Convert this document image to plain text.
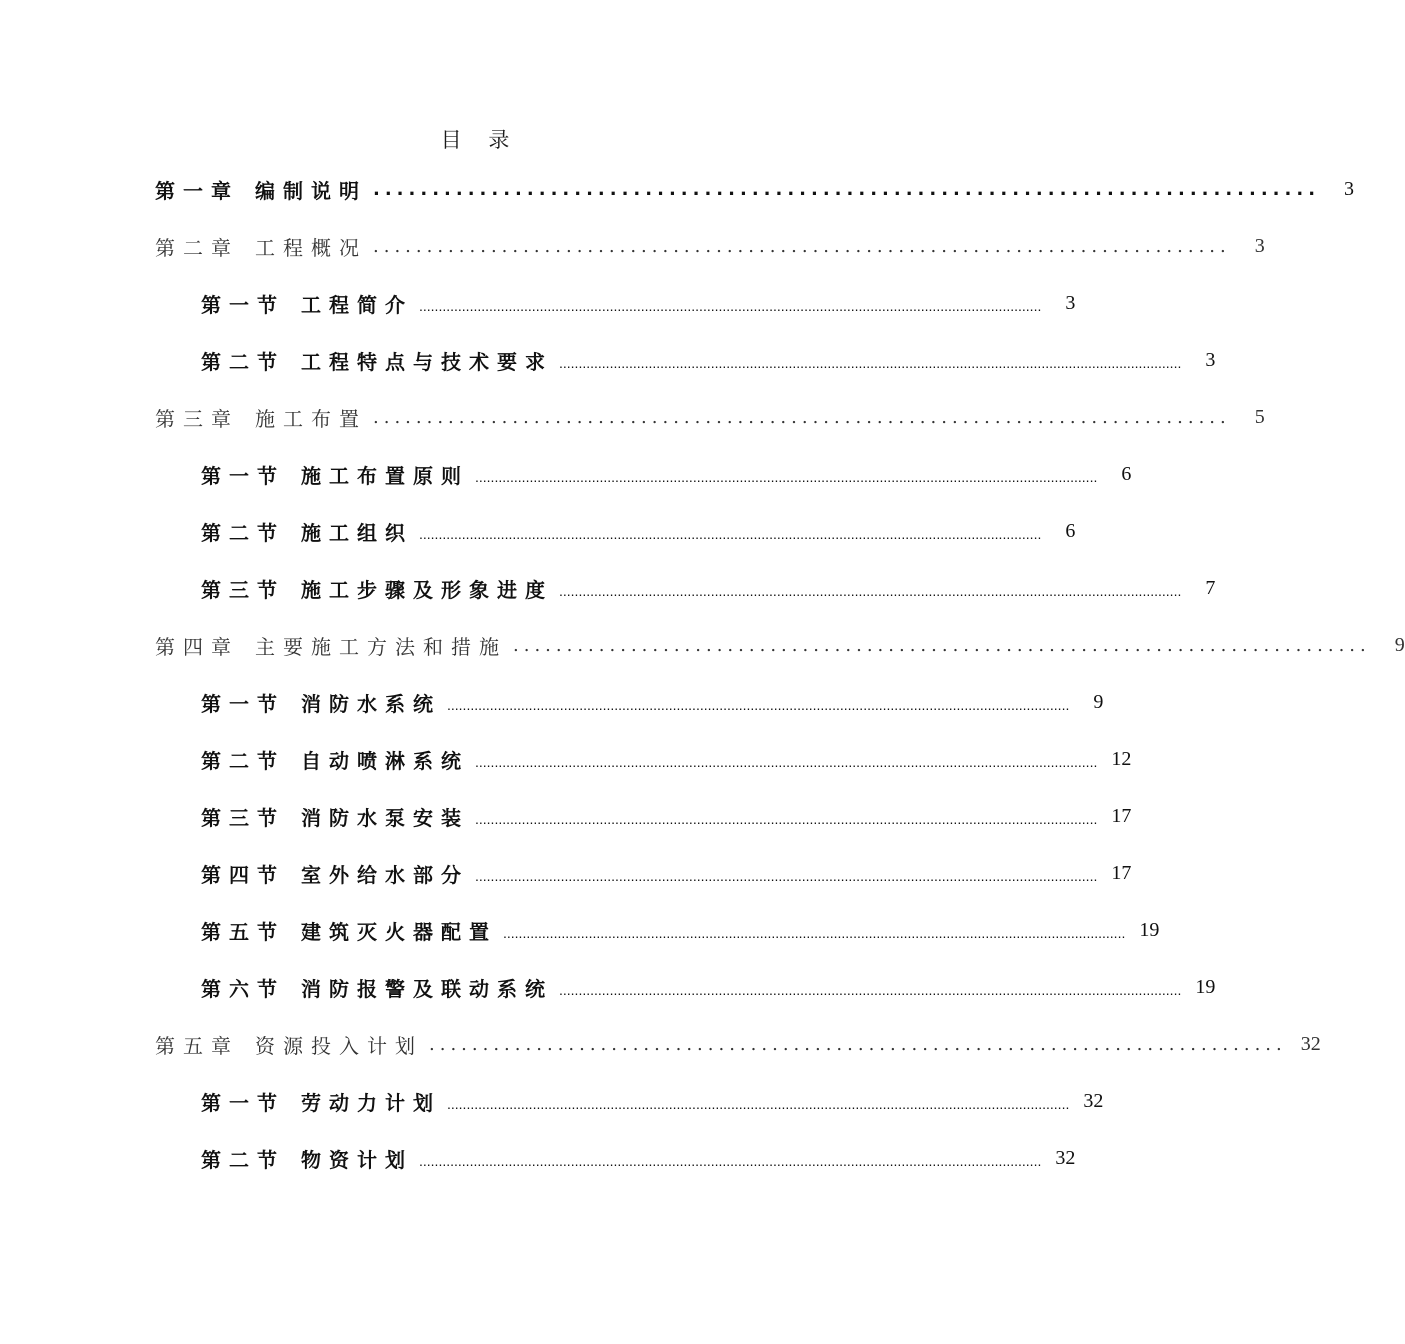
目 录
第一章 编制说明 ................................................................................	3
第二章 工程概况 ................................................................................	3
第一节 工程简介 ................................................................................................................................................................	3
第二节 工程特点与技术要求 ................................................................................................................................................................	3
第三章 施工布置 ................................................................................	5
第一节 施工布置原则 ................................................................................................................................................................	6
第二节 施工组织 ................................................................................................................................................................	6
第三节 施工步骤及形象进度 ................................................................................................................................................................	7
第四章 主要施工方法和措施 ................................................................................	9
第一节 消防水系统 ................................................................................................................................................................	9
第二节 自动喷淋系统 ................................................................................................................................................................ 12
第三节 消防水泵安装 ................................................................................................................................................................ 17
第四节 室外给水部分 ................................................................................................................................................................ 17
第五节 建筑灭火器配置 ................................................................................................................................................................ 19
第六节 消防报警及联动系统 ................................................................................................................................................................ 19
第五章 资源投入计划 ................................................................................ 32
第一节 劳动力计划 ................................................................................................................................................................ 32
第二节 物资计划 ................................................................................................................................................................ 32
